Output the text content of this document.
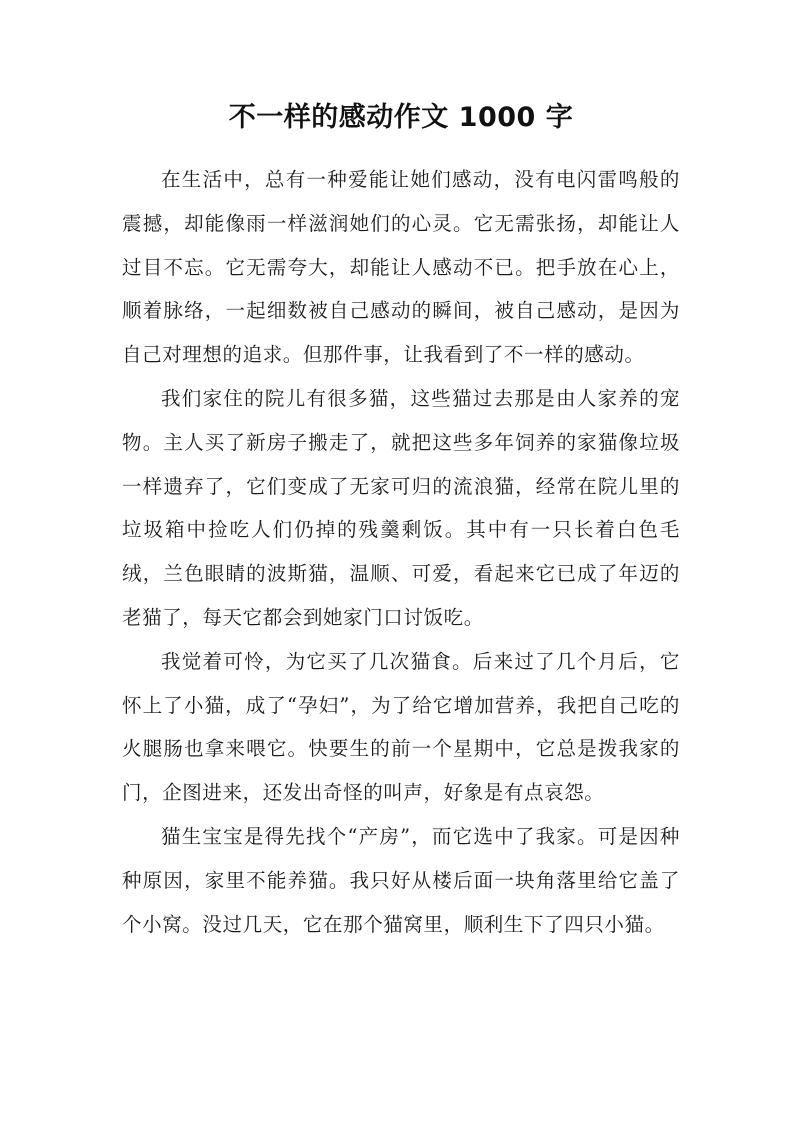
不一样的感动作文 1000 字

在生活中，总有一种爱能让她们感动，没有电闪雷鸣般的震撼，却能像雨一样滋润她们的心灵。它无需张扬，却能让人过目不忘。它无需夸大，却能让人感动不已。把手放在心上，顺着脉络，一起细数被自己感动的瞬间，被自己感动，是因为自己对理想的追求。但那件事，让我看到了不一样的感动。

我们家住的院儿有很多猫，这些猫过去那是由人家养的宠物。主人买了新房子搬走了，就把这些多年饲养的家猫像垃圾一样遗弃了，它们变成了无家可归的流浪猫，经常在院儿里的垃圾箱中捡吃人们仍掉的残羹剩饭。其中有一只长着白色毛绒，兰色眼睛的波斯猫，温顺、可爱，看起来它已成了年迈的老猫了，每天它都会到她家门口讨饭吃。

我觉着可怜，为它买了几次猫食。后来过了几个月后，它怀上了小猫，成了“孕妇”，为了给它增加营养，我把自己吃的火腿肠也拿来喂它。快要生的前一个星期中，它总是拨我家的门，企图进来，还发出奇怪的叫声，好象是有点哀怨。

猫生宝宝是得先找个“产房”，而它选中了我家。可是因种种原因，家里不能养猫。我只好从楼后面一块角落里给它盖了个小窝。没过几天，它在那个猫窝里，顺利生下了四只小猫。
